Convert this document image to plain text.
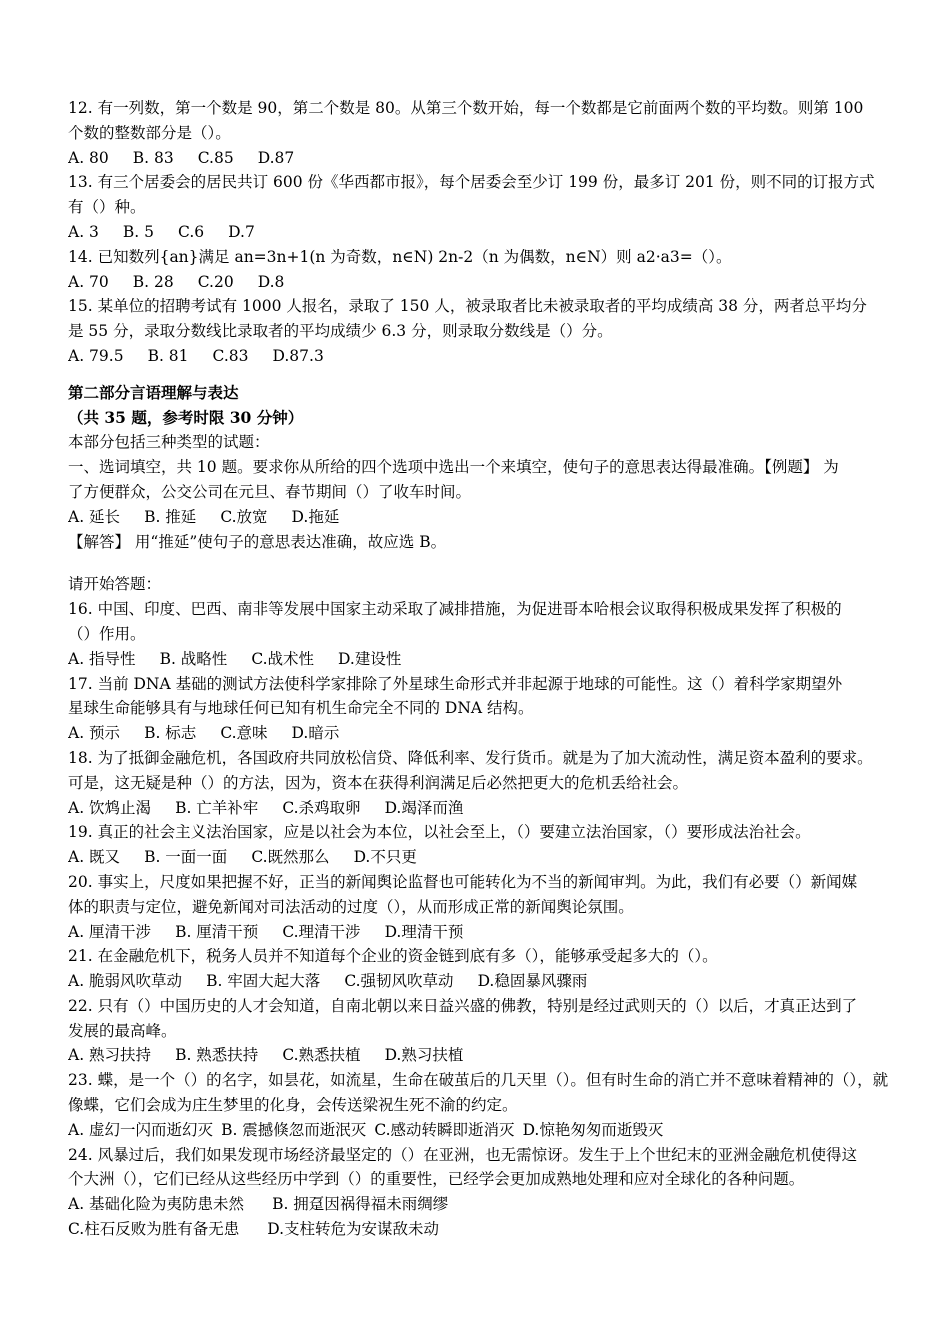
12. 有一列数，第一个数是 90，第二个数是 80。从第三个数开始，每一个数都是它前面两个数的平均数。则第 100
个数的整数部分是（）。
A. 80 B. 83 C.85 D.87
13. 有三个居委会的居民共订 600 份《华西都市报》，每个居委会至少订 199 份，最多订 201 份，则不同的订报方式
有（）种。
A. 3 B. 5 C.6 D.7
14. 已知数列{an}满足 an=3n+1(n 为奇数，n∈N) 2n-2（n 为偶数，n∈N）则 a2·a3=（）。
A. 70 B. 28 C.20 D.8
15. 某单位的招聘考试有 1000 人报名，录取了 150 人，被录取者比未被录取者的平均成绩高 38 分，两者总平均分
是 55 分，录取分数线比录取者的平均成绩少 6.3 分，则录取分数线是（）分。
A. 79.5 B. 81 C.83 D.87.3
第二部分言语理解与表达
（共 35 题，参考时限 30 分钟）
本部分包括三种类型的试题：
一、选词填空，共 10 题。要求你从所给的四个选项中选出一个来填空，使句子的意思表达得最准确。【例题】 为
了方便群众，公交公司在元旦、春节期间（）了收车时间。
A. 延长 B. 推延 C.放宽 D.拖延
【解答】 用“推延”使句子的意思表达准确，故应选 B。
请开始答题：
16. 中国、印度、巴西、南非等发展中国家主动采取了减排措施，为促进哥本哈根会议取得积极成果发挥了积极的
（）作用。
A. 指导性 B. 战略性 C.战术性 D.建设性
17. 当前 DNA 基础的测试方法使科学家排除了外星球生命形式并非起源于地球的可能性。这（）着科学家期望外
星球生命能够具有与地球任何已知有机生命完全不同的 DNA 结构。
A. 预示 B. 标志 C.意味 D.暗示
18. 为了抵御金融危机，各国政府共同放松信贷、降低利率、发行货币。就是为了加大流动性，满足资本盈利的要求。
可是，这无疑是种（）的方法，因为，资本在获得利润满足后必然把更大的危机丢给社会。
A. 饮鸩止渴 B. 亡羊补牢 C.杀鸡取卵 D.竭泽而渔
19. 真正的社会主义法治国家，应是以社会为本位，以社会至上，（）要建立法治国家，（）要形成法治社会。
A. 既又 B. 一面一面 C.既然那么 D.不只更
20. 事实上，尺度如果把握不好，正当的新闻舆论监督也可能转化为不当的新闻审判。为此，我们有必要（）新闻媒
体的职责与定位，避免新闻对司法活动的过度（），从而形成正常的新闻舆论氛围。
A. 厘清干涉 B. 厘清干预 C.理清干涉 D.理清干预
21. 在金融危机下，税务人员并不知道每个企业的资金链到底有多（），能够承受起多大的（）。
A. 脆弱风吹草动 B. 牢固大起大落 C.强韧风吹草动 D.稳固暴风骤雨
22. 只有（）中国历史的人才会知道，自南北朝以来日益兴盛的佛教，特别是经过武则天的（）以后，才真正达到了
发展的最高峰。
A. 熟习扶持 B. 熟悉扶持 C.熟悉扶植 D.熟习扶植
23. 蝶，是一个（）的名字，如昙花，如流星，生命在破茧后的几天里（）。但有时生命的消亡并不意味着精神的（），就
像蝶，它们会成为庄生梦里的化身，会传送梁祝生死不渝的约定。
A. 虚幻一闪而逝幻灭 B. 震撼倏忽而逝泯灭 C.感动转瞬即逝消灭 D.惊艳匆匆而逝毁灭
24. 风暴过后，我们如果发现市场经济最坚定的（）在亚洲，也无需惊讶。发生于上个世纪末的亚洲金融危机使得这
个大洲（），它们已经从这些经历中学到（）的重要性，已经学会更加成熟地处理和应对全球化的各种问题。
A. 基础化险为夷防患未然 B. 拥趸因祸得福未雨绸缪
C.柱石反败为胜有备无患 D.支柱转危为安谋敌未动
